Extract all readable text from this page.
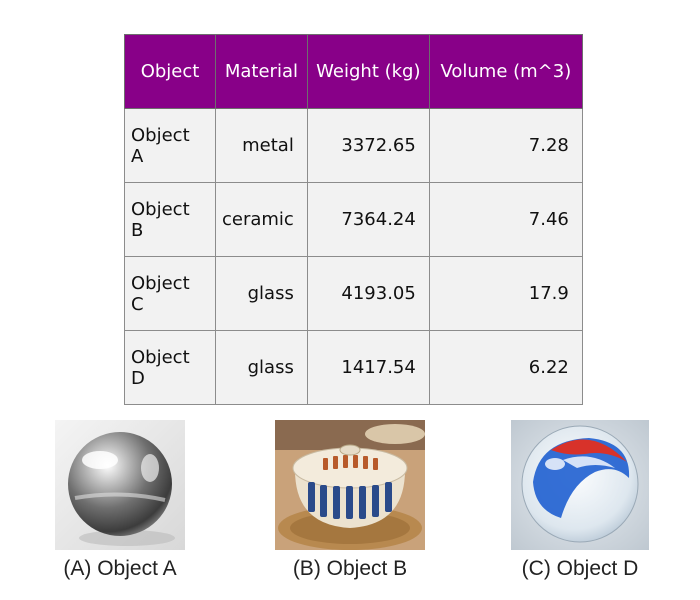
Object	Material	Weight (kg)	Volume (m^3)
Object A	metal	3372.65	7.28
Object B	ceramic	7364.24	7.46
Object C	glass	4193.05	17.9
Object D	glass	1417.54	6.22
(A) Object A	(B) Object B	(C) Object D
